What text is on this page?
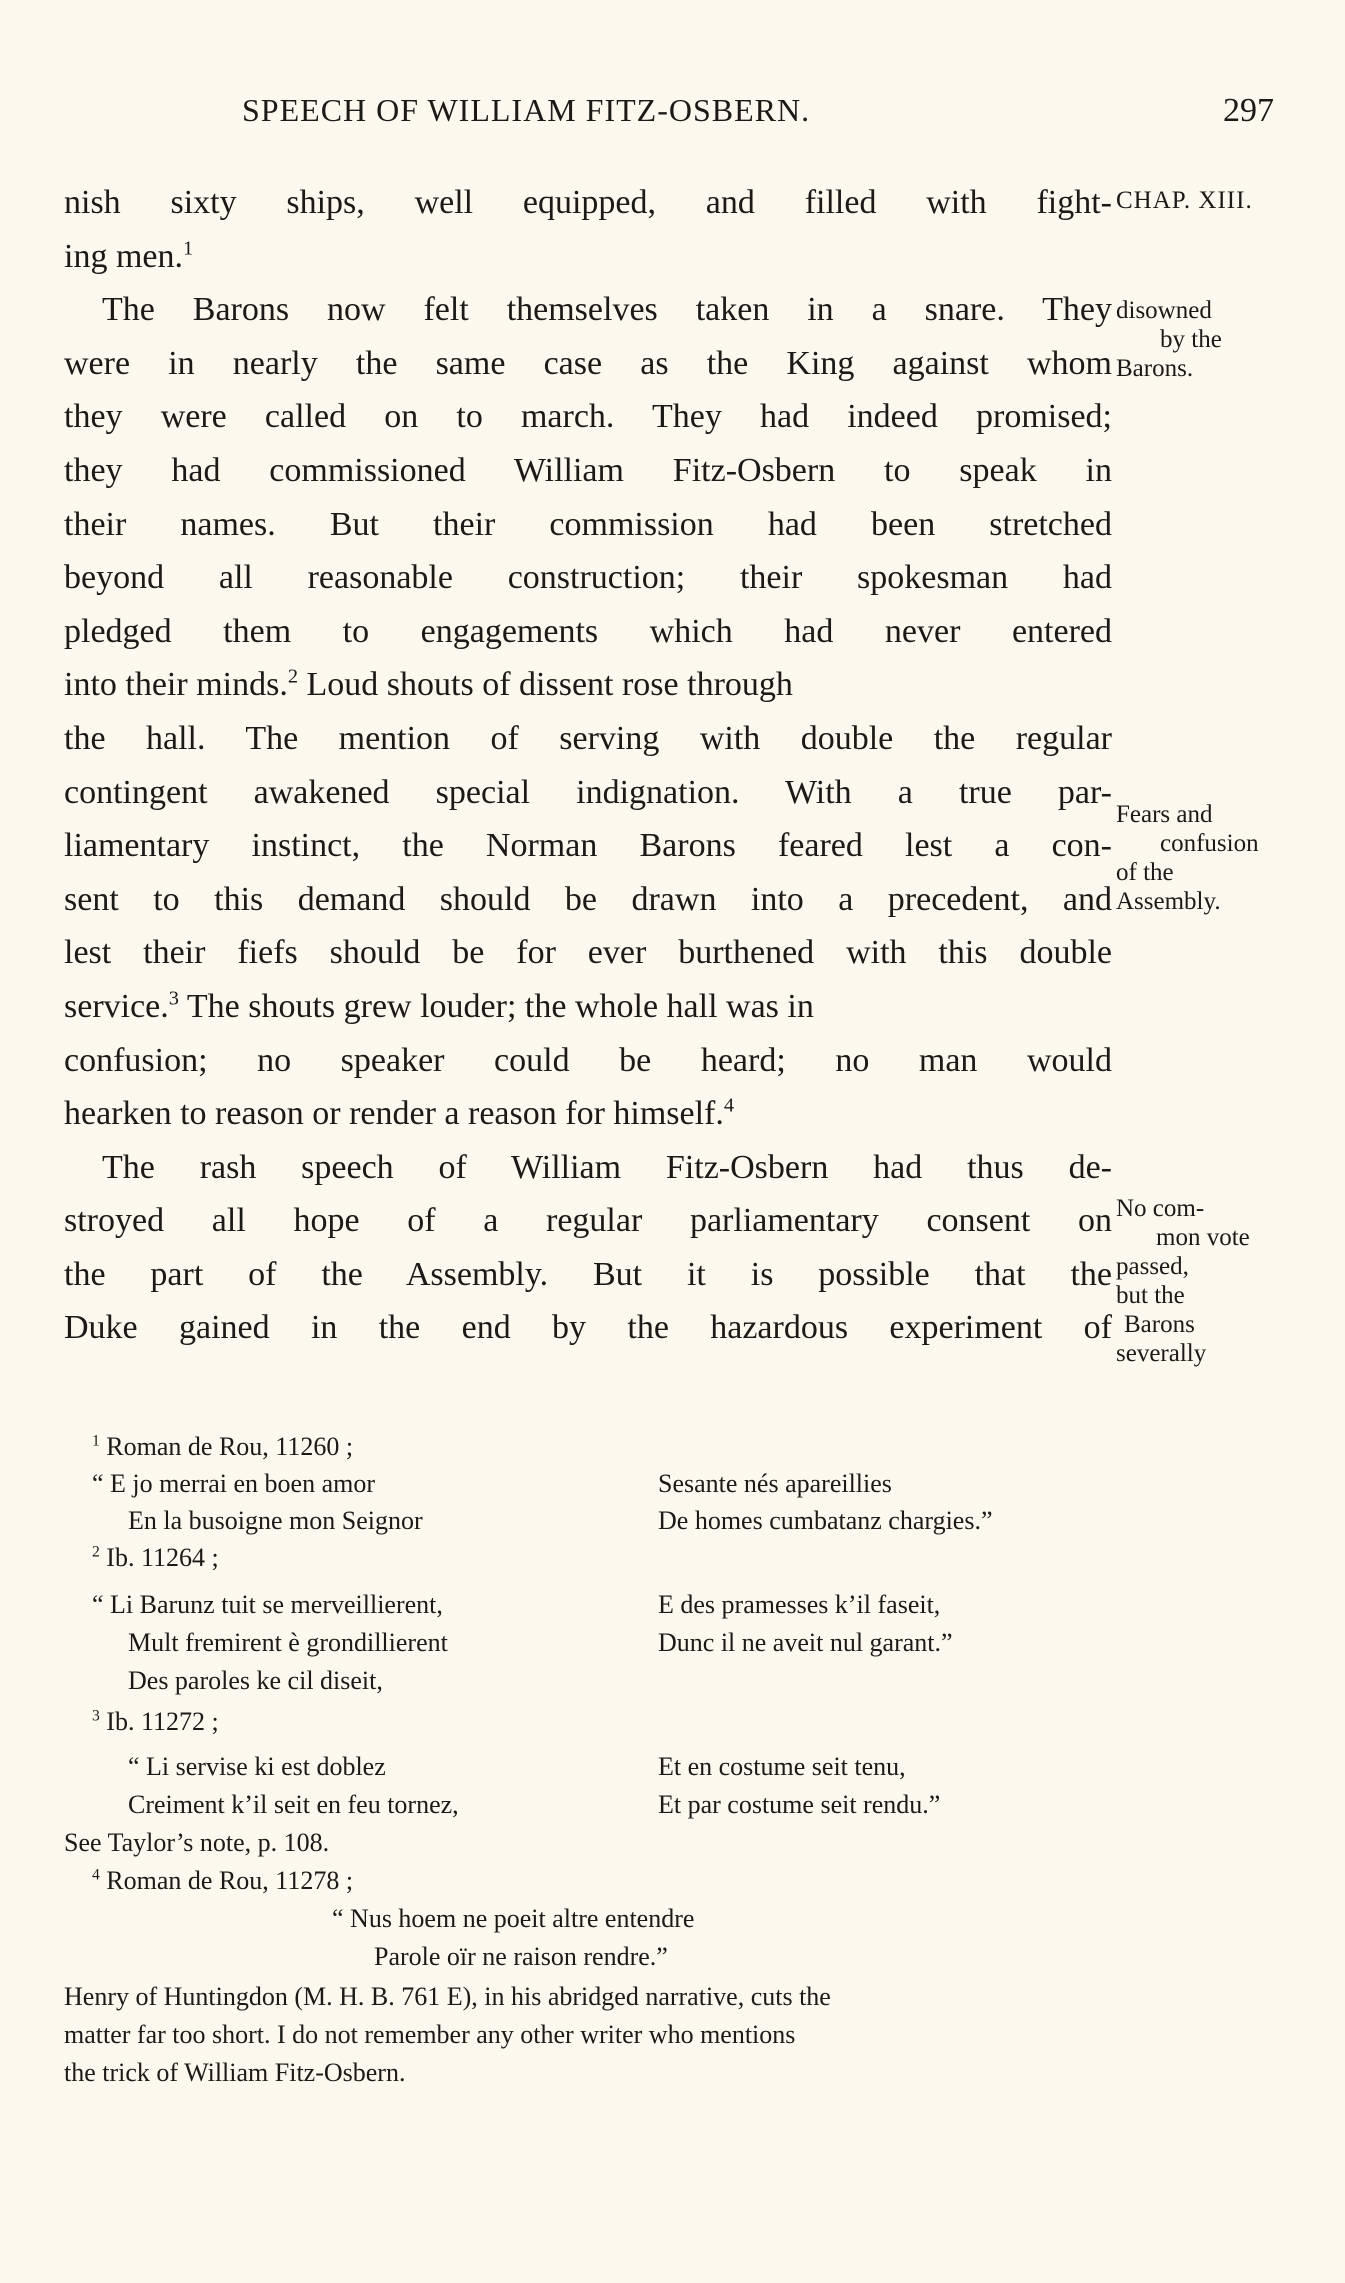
SPEECH OF WILLIAM FITZ-OSBERN.	297
nish sixty ships, well equipped, and filled with fight-
ing men.$^1$
The Barons now felt themselves taken in a snare. They
were in nearly the same case as the King against whom
they were called on to march. They had indeed promised;
they had commissioned William Fitz-Osbern to speak in
their names. But their commission had been stretched
beyond all reasonable construction; their spokesman had
pledged them to engagements which had never entered
into their minds.$^2$ Loud shouts of dissent rose through
the hall. The mention of serving with double the regular
contingent awakened special indignation. With a true par-
liamentary instinct, the Norman Barons feared lest a con-
sent to this demand should be drawn into a precedent, and
lest their fiefs should be for ever burthened with this double
service.$^3$ The shouts grew louder; the whole hall was in
confusion; no speaker could be heard; no man would
hearken to reason or render a reason for himself.$^4$
The rash speech of William Fitz-Osbern had thus de-
stroyed all hope of a regular parliamentary consent on
the part of the Assembly. But it is possible that the
Duke gained in the end by the hazardous experiment of
CHAP. XIII.
disowned
by the
Barons.
Fears and
confusion
of the
Assembly.
No com-
mon vote
passed,
but the
Barons
severally
$^1$ Roman de Rou, 11260 ;
“ E jo merrai en boen amor	Sesante nés apareillies
En la busoigne mon Seignor	De homes cumbatanz chargies.”
$^2$ Ib. 11264 ;
“ Li Barunz tuit se merveillierent,	E des pramesses k’il faseit,
Mult fremirent è grondillierent	Dunc il ne aveit nul garant.”
Des paroles ke cil diseit,
$^3$ Ib. 11272 ;
“ Li servise ki est doblez	Et en costume seit tenu,
Creiment k’il seit en feu tornez,	Et par costume seit rendu.”
See Taylor’s note, p. 108.
$^4$ Roman de Rou, 11278 ;
“ Nus hoem ne poeit altre entendre
Parole oïr ne raison rendre.”
Henry of Huntingdon (M. H. B. 761 E), in his abridged narrative, cuts the
matter far too short. I do not remember any other writer who mentions
the trick of William Fitz-Osbern.
